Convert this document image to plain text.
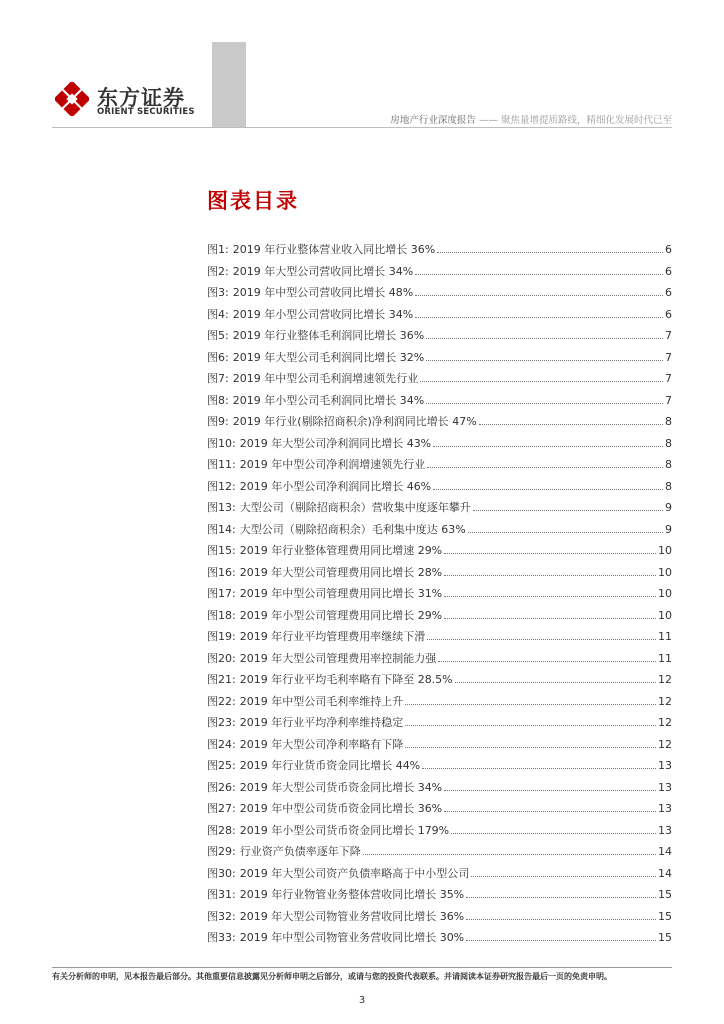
东方证券
ORIENT SECURITIES
房地产行业深度报告 —— 聚焦量增提质路线，精细化发展时代已至
图表目录
图1: 2019 年行业整体营业收入同比增长 36%	6
图2: 2019 年大型公司营收同比增长 34%	6
图3: 2019 年中型公司营收同比增长 48%	6
图4: 2019 年小型公司营收同比增长 34%	6
图5: 2019 年行业整体毛利润同比增长 36%	7
图6: 2019 年大型公司毛利润同比增长 32%	7
图7: 2019 年中型公司毛利润增速领先行业	7
图8: 2019 年小型公司毛利润同比增长 34%	7
图9: 2019 年行业(剔除招商积余)净利润同比增长 47%	8
图10: 2019 年大型公司净利润同比增长 43%	8
图11: 2019 年中型公司净利润增速领先行业	8
图12: 2019 年小型公司净利润同比增长 46%	8
图13: 大型公司（剔除招商积余）营收集中度逐年攀升	9
图14: 大型公司（剔除招商积余）毛利集中度达 63%	9
图15: 2019 年行业整体管理费用同比增速 29%	10
图16: 2019 年大型公司管理费用同比增长 28%	10
图17: 2019 年中型公司管理费用同比增长 31%	10
图18: 2019 年小型公司管理费用同比增长 29%	10
图19: 2019 年行业平均管理费用率继续下滑	11
图20: 2019 年大型公司管理费用率控制能力强	11
图21: 2019 年行业平均毛利率略有下降至 28.5%	12
图22: 2019 年中型公司毛利率维持上升	12
图23: 2019 年行业平均净利率维持稳定	12
图24: 2019 年大型公司净利率略有下降	12
图25: 2019 年行业货币资金同比增长 44%	13
图26: 2019 年大型公司货币资金同比增长 34%	13
图27: 2019 年中型公司货币资金同比增长 36%	13
图28: 2019 年小型公司货币资金同比增长 179%	13
图29: 行业资产负债率逐年下降	14
图30: 2019 年大型公司资产负债率略高于中小型公司	14
图31: 2019 年行业物管业务整体营收同比增长 35%	15
图32: 2019 年大型公司物管业务营收同比增长 36%	15
图33: 2019 年中型公司物管业务营收同比增长 30%	15
有关分析师的申明，见本报告最后部分。其他重要信息披露见分析师申明之后部分，或请与您的投资代表联系。并请阅读本证券研究报告最后一页的免责申明。
3
